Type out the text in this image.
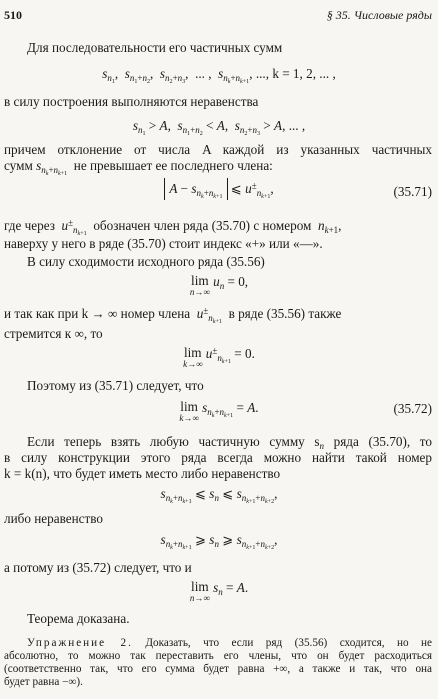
510	§ 35. Числовые ряды
Для последовательности его частичных сумм
$s_{n_1}$,  $s_{n_1+n_2}$,  $s_{n_2+n_3}$,  ... ,  $s_{n_k+n_{k+1}}$, ..., k = 1, 2, ... ,
в силу построения выполняются неравенства
$s_{n_1} > A$,  $s_{n_1+n_2} < A$,  $s_{n_2+n_3} > A$, ... ,
причем отклонение от числа A каждой из указанных частичных
сумм $s_{n_k+n_{k+1}}$  не превышает ее последнего члена:
$A - s_{n_k+n_{k+1}}$ ⩽ $u^\pm_{n_{k+1}}$,	(35.71)
где через $u^\pm_{n_{k+1}}$  обозначен член ряда (35.70) с номером $n_{k+1}$,
наверху у него в ряде (35.70) стоит индекс «+» или «—».
В силу сходимости исходного ряда (35.56)
lim
n→∞
$u_n = 0$,
и так как при k → ∞ номер члена $u^\pm_{n_{k+1}}$  в ряде (35.56) также
стремится к ∞, то
lim
k→∞
$u^\pm_{n_{k+1}} = 0$.
Поэтому из (35.71) следует, что
lim
k→∞
$s_{n_k+n_{k+1}} = A$.	(35.72)
Если теперь взять любую частичную сумму $s_n$ ряда (35.70), то
в силу конструкции этого ряда всегда можно найти такой номер
k = k(n), что будет иметь место либо неравенство
$s_{n_k+n_{k+1}}$ ⩽ $s_n$ ⩽ $s_{n_{k+1}+n_{k+2}}$,
либо неравенство
$s_{n_k+n_{k+1}}$ ⩾ $s_n$ ⩾ $s_{n_{k+1}+n_{k+2}}$,
а потому из (35.72) следует, что и
lim
n→∞
$s_n = A$.
Теорема доказана.
Упражнение 2. Доказать, что если ряд (35.56) сходится, но не
абсолютно, то можно так переставить его члены, что он будет расходиться
(соответственно так, что его сумма будет равна +∞, а также и так, что она
будет равна −∞).
